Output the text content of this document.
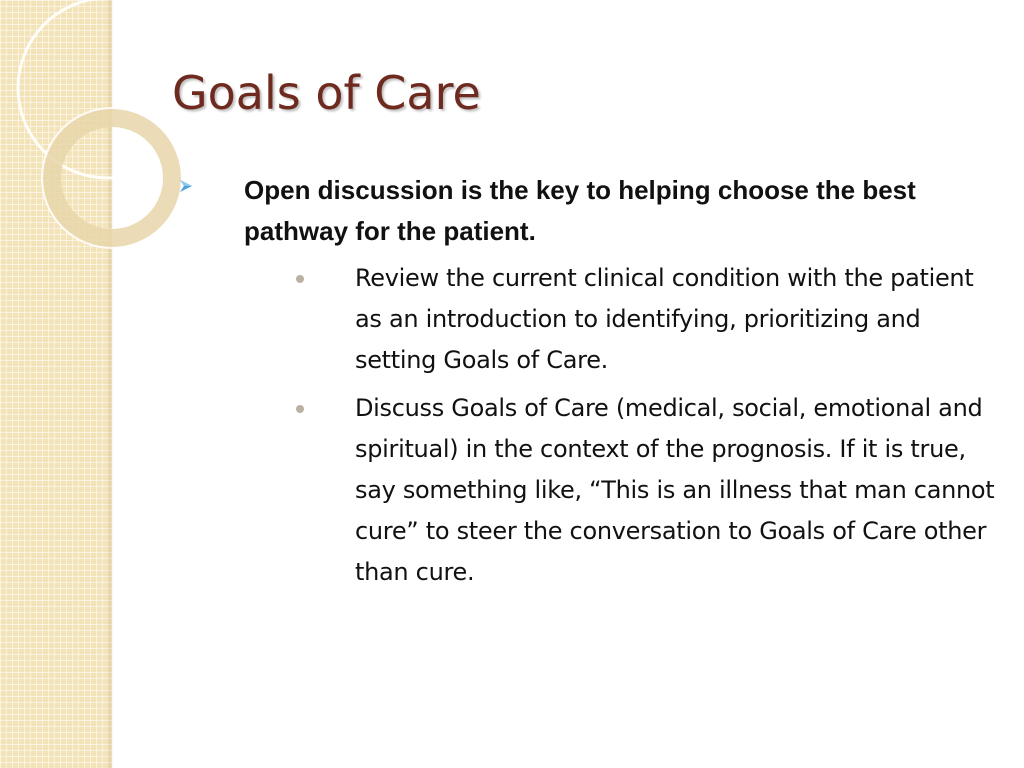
Goals of Care
Open discussion is the key to helping choose the best pathway for the patient.
Review the current clinical condition with the patient as an introduction to identifying, prioritizing and setting Goals of Care.
Discuss Goals of Care (medical, social, emotional and spiritual) in the context of the prognosis. If it is true, say something like, “This is an illness that man cannot cure” to steer the conversation to Goals of Care other than cure.
